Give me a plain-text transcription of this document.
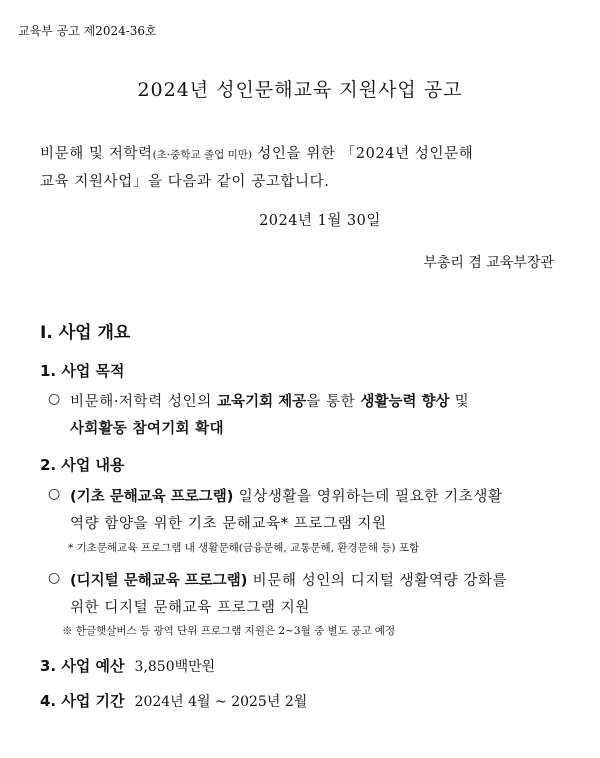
교육부 공고 제2024-36호
2024년 성인문해교육 지원사업 공고
비문해 및 저학력(초·중학교 졸업 미만) 성인을 위한 「2024년 성인문해
교육 지원사업」을 다음과 같이 공고합니다.
2024년 1월 30일
부총리 겸 교육부장관
Ⅰ. 사업 개요
1. 사업 목적
○ 비문해·저학력 성인의 교육기회 제공을 통한 생활능력 향상 및
사회활동 참여기회 확대
2. 사업 내용
○ (기초 문해교육 프로그램) 일상생활을 영위하는데 필요한 기초생활
역량 함양을 위한 기초 문해교육* 프로그램 지원
* 기초문해교육 프로그램 내 생활문해(금융문해, 교통문해, 환경문해 등) 포함
○ (디지털 문해교육 프로그램) 비문해 성인의 디지털 생활역량 강화를
위한 디지털 문해교육 프로그램 지원
※ 한글햇살버스 등 광역 단위 프로그램 지원은 2~3월 중 별도 공고 예정
3. 사업 예산 3,850백만원
4. 사업 기간 2024년 4월 ~ 2025년 2월
